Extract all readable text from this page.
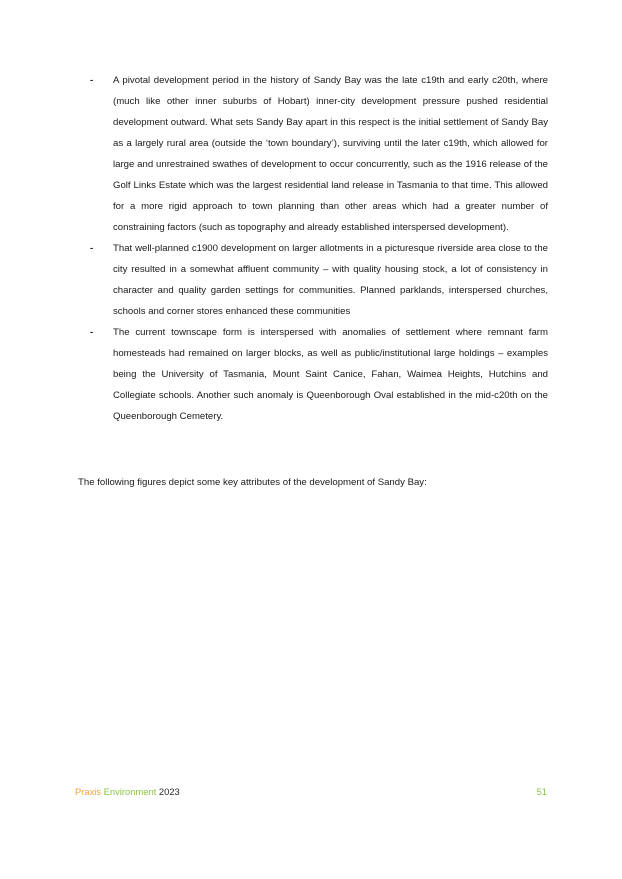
- A pivotal development period in the history of Sandy Bay was the late c19th and early c20th, where (much like other inner suburbs of Hobart) inner-city development pressure pushed residential development outward. What sets Sandy Bay apart in this respect is the initial settlement of Sandy Bay as a largely rural area (outside the ‘town boundary’), surviving until the later c19th, which allowed for large and unrestrained swathes of development to occur concurrently, such as the 1916 release of the Golf Links Estate which was the largest residential land release in Tasmania to that time. This allowed for a more rigid approach to town planning than other areas which had a greater number of constraining factors (such as topography and already established interspersed development).
- That well-planned c1900 development on larger allotments in a picturesque riverside area close to the city resulted in a somewhat affluent community – with quality housing stock, a lot of consistency in character and quality garden settings for communities. Planned parklands, interspersed churches, schools and corner stores enhanced these communities
- The current townscape form is interspersed with anomalies of settlement where remnant farm homesteads had remained on larger blocks, as well as public/institutional large holdings – examples being the University of Tasmania, Mount Saint Canice, Fahan, Waimea Heights, Hutchins and Collegiate schools. Another such anomaly is Queenborough Oval established in the mid-c20th on the Queenborough Cemetery.

The following figures depict some key attributes of the development of Sandy Bay:

Praxis Environment 2023	51
